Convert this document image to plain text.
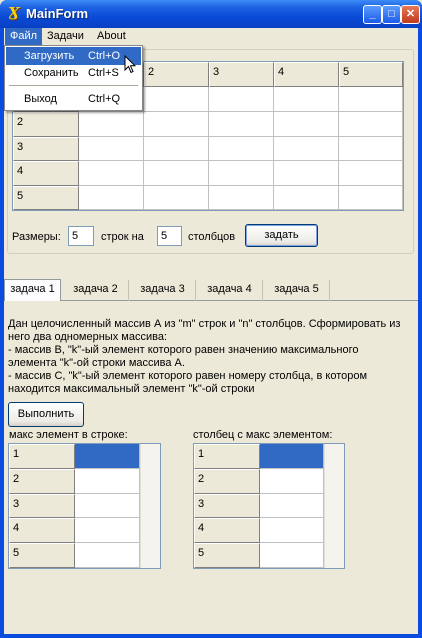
Ɣ MainForm	_	□	✕
Файл Задачи	About
2	3	4	5
2
3
4
5
Загрузить Ctrl+O
Сохранить Ctrl+S
Выход	Ctrl+Q
Размеры:	5	строк на	5	столбцов	задать
задача 1	задача 2	задача 3	задача 4	задача 5
Дан целочисленный массив А из "m" строк и "n" столбцов. Сформировать из
него два одномерных массива:
- массив В, "k"-ый элемент которого равен значению максимального
элемента "k"-ой строки массива А.
- массив С, "k"-ый элемент которого равен номеру столбца, в котором
находится максимальный элемент "k"-ой строки
Выполнить
макс элемент в строке:
1
2
3
4
5
столбец с макс элементом:
1
2
3
4
5
